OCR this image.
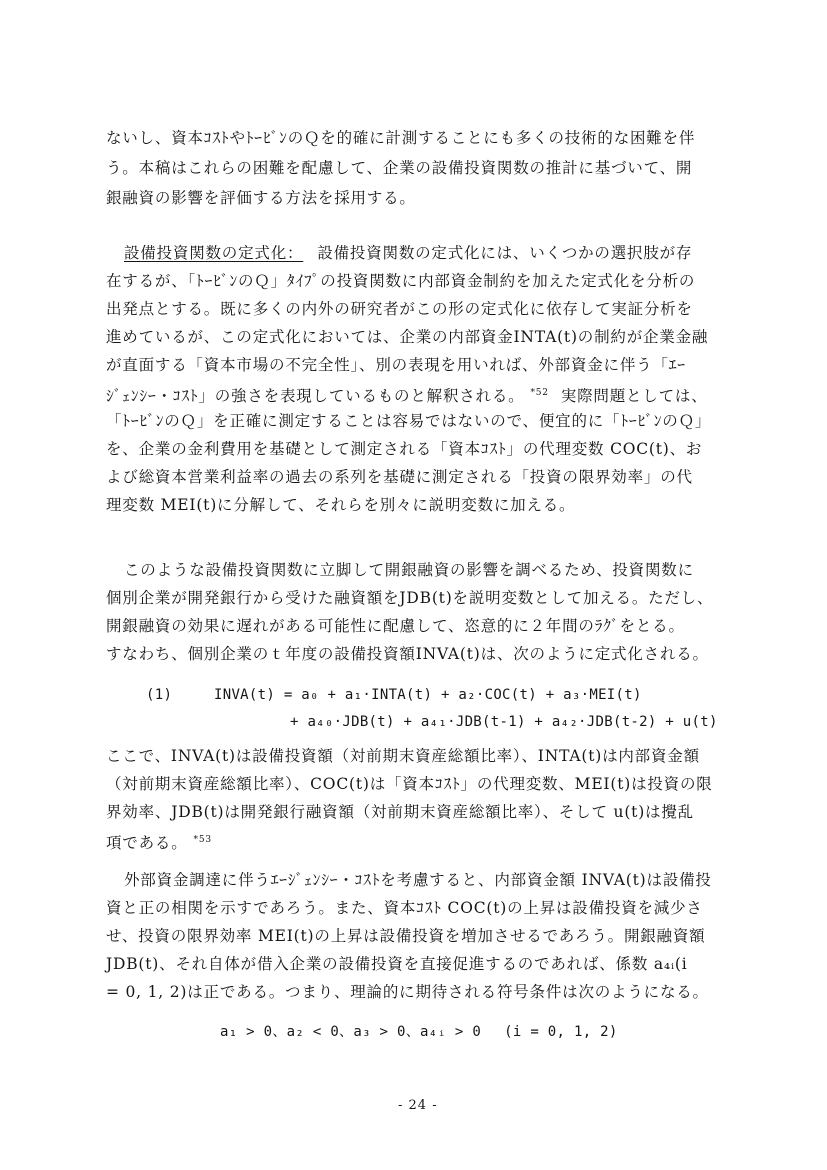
ないし、資本ｺｽﾄやﾄｰﾋﾞﾝのＱを的確に計測することにも多くの技術的な困難を伴
う。本稿はこれらの困難を配慮して、企業の設備投資関数の推計に基づいて、開
銀融資の影響を評価する方法を採用する。
設備投資関数の定式化： 設備投資関数の定式化には、いくつかの選択肢が存
在するが、「ﾄｰﾋﾞﾝのＱ」ﾀｲﾌﾟの投資関数に内部資金制約を加えた定式化を分析の
出発点とする。既に多くの内外の研究者がこの形の定式化に依存して実証分析を
進めているが、この定式化においては、企業の内部資金INTA(t)の制約が企業金融
が直面する「資本市場の不完全性」、別の表現を用いれば、外部資金に伴う「ｴｰ
ｼﾞｪﾝｼｰ・ｺｽﾄ」の強さを表現しているものと解釈される。 $^{*52}$ 実際問題としては、
「ﾄｰﾋﾞﾝのＱ」を正確に測定することは容易ではないので、便宜的に「ﾄｰﾋﾞﾝのＱ」
を、企業の金利費用を基礎として測定される「資本ｺｽﾄ」の代理変数 COC(t)、お
よび総資本営業利益率の過去の系列を基礎に測定される「投資の限界効率」の代
理変数 MEI(t)に分解して、それらを別々に説明変数に加える。
このような設備投資関数に立脚して開銀融資の影響を調べるため、投資関数に
個別企業が開発銀行から受けた融資額をJDB(t)を説明変数として加える。ただし、
開銀融資の効果に遅れがある可能性に配慮して、恣意的に２年間のﾗｸﾞをとる。
すなわち、個別企業のｔ年度の設備投資額INVA(t)は、次のように定式化される。
(1)	INVA(t) = a₀ + a₁·INTA(t) + a₂·COC(t) + a₃·MEI(t)
+ a₄₀·JDB(t) + a₄₁·JDB(t-1) + a₄₂·JDB(t-2) + u(t)
ここで、INVA(t)は設備投資額（対前期末資産総額比率）、INTA(t)は内部資金額
（対前期末資産総額比率）、COC(t)は「資本ｺｽﾄ」の代理変数、MEI(t)は投資の限
界効率、JDB(t)は開発銀行融資額（対前期末資産総額比率）、そして u(t)は攪乱
項である。 $^{*53}$
外部資金調達に伴うｴｰｼﾞｪﾝｼｰ・ｺｽﾄを考慮すると、内部資金額 INVA(t)は設備投
資と正の相関を示すであろう。また、資本ｺｽﾄ COC(t)の上昇は設備投資を減少さ
せ、投資の限界効率 MEI(t)の上昇は設備投資を増加させるであろう。開銀融資額
JDB(t)、それ自体が借入企業の設備投資を直接促進するのであれば、係数 a₄ᵢ(i
= 0, 1, 2)は正である。つまり、理論的に期待される符号条件は次のようになる。
a₁ > 0、a₂ < 0、a₃ > 0、a₄ᵢ > 0　 (i = 0, 1, 2)
- 24 -
